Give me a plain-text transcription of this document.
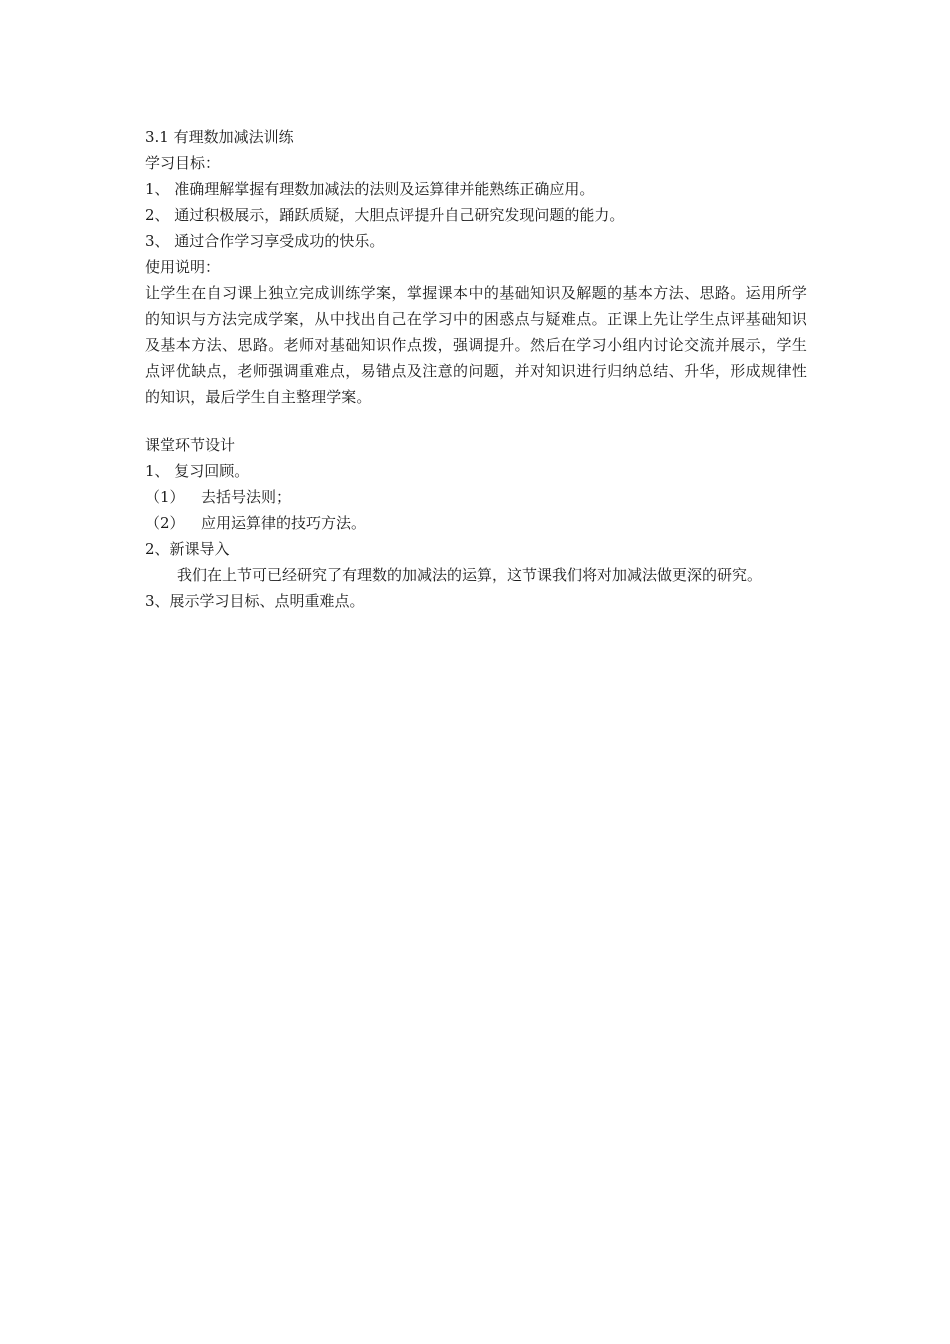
3.1 有理数加减法训练
学习目标：
1、 准确理解掌握有理数加减法的法则及运算律并能熟练正确应用。
2、 通过积极展示，踊跃质疑，大胆点评提升自己研究发现问题的能力。
3、 通过合作学习享受成功的快乐。
使用说明：
让学生在自习课上独立完成训练学案，掌握课本中的基础知识及解题的基本方法、思路。运用所学的知识与方法完成学案，从中找出自己在学习中的困惑点与疑难点。正课上先让学生点评基础知识及基本方法、思路。老师对基础知识作点拨，强调提升。然后在学习小组内讨论交流并展示，学生点评优缺点，老师强调重难点，易错点及注意的问题，并对知识进行归纳总结、升华，形成规律性的知识，最后学生自主整理学案。
课堂环节设计
1、 复习回顾。
（1） 去括号法则；
（2） 应用运算律的技巧方法。
2、新课导入
我们在上节可已经研究了有理数的加减法的运算，这节课我们将对加减法做更深的研究。
3、展示学习目标、点明重难点。
